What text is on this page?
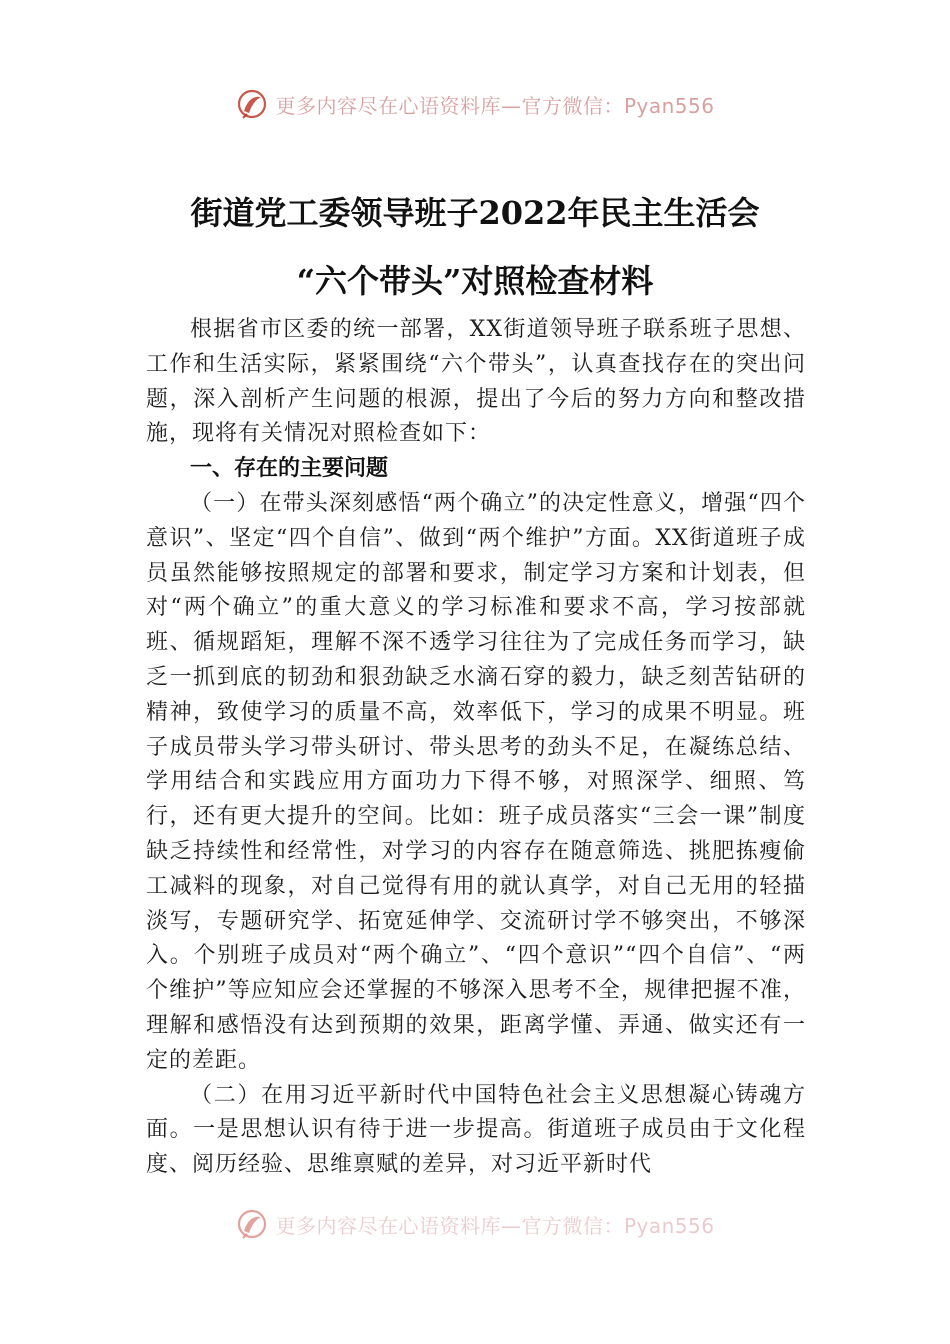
更多内容尽在心语资料库—官方微信：Pyan556
街道党工委领导班子2022年民主生活会
“六个带头”对照检查材料

根据省市区委的统一部署，XX街道领导班子联系班子思想、工作和生活实际，紧紧围绕“六个带头”，认真查找存在的突出问题，深入剖析产生问题的根源，提出了今后的努力方向和整改措施，现将有关情况对照检查如下：

一、存在的主要问题

（一）在带头深刻感悟“两个确立”的决定性意义，增强“四个意识”、坚定“四个自信”、做到“两个维护”方面。XX街道班子成员虽然能够按照规定的部署和要求，制定学习方案和计划表，但对“两个确立”的重大意义的学习标准和要求不高，学习按部就班、循规蹈矩，理解不深不透学习往往为了完成任务而学习，缺乏一抓到底的韧劲和狠劲缺乏水滴石穿的毅力，缺乏刻苦钻研的精神，致使学习的质量不高，效率低下，学习的成果不明显。班子成员带头学习带头研讨、带头思考的劲头不足，在凝练总结、学用结合和实践应用方面功力下得不够，对照深学、细照、笃行，还有更大提升的空间。比如：班子成员落实“三会一课”制度缺乏持续性和经常性，对学习的内容存在随意筛选、挑肥拣瘦偷工减料的现象，对自己觉得有用的就认真学，对自己无用的轻描淡写，专题研究学、拓宽延伸学、交流研讨学不够突出，不够深入。个别班子成员对“两个确立”、“四个意识”“四个自信”、“两个维护”等应知应会还掌握的不够深入思考不全，规律把握不准，理解和感悟没有达到预期的效果，距离学懂、弄通、做实还有一定的差距。

（二）在用习近平新时代中国特色社会主义思想凝心铸魂方面。一是思想认识有待于进一步提高。街道班子成员由于文化程度、阅历经验、思维禀赋的差异，对习近平新时代

更多内容尽在心语资料库—官方微信：Pyan556
